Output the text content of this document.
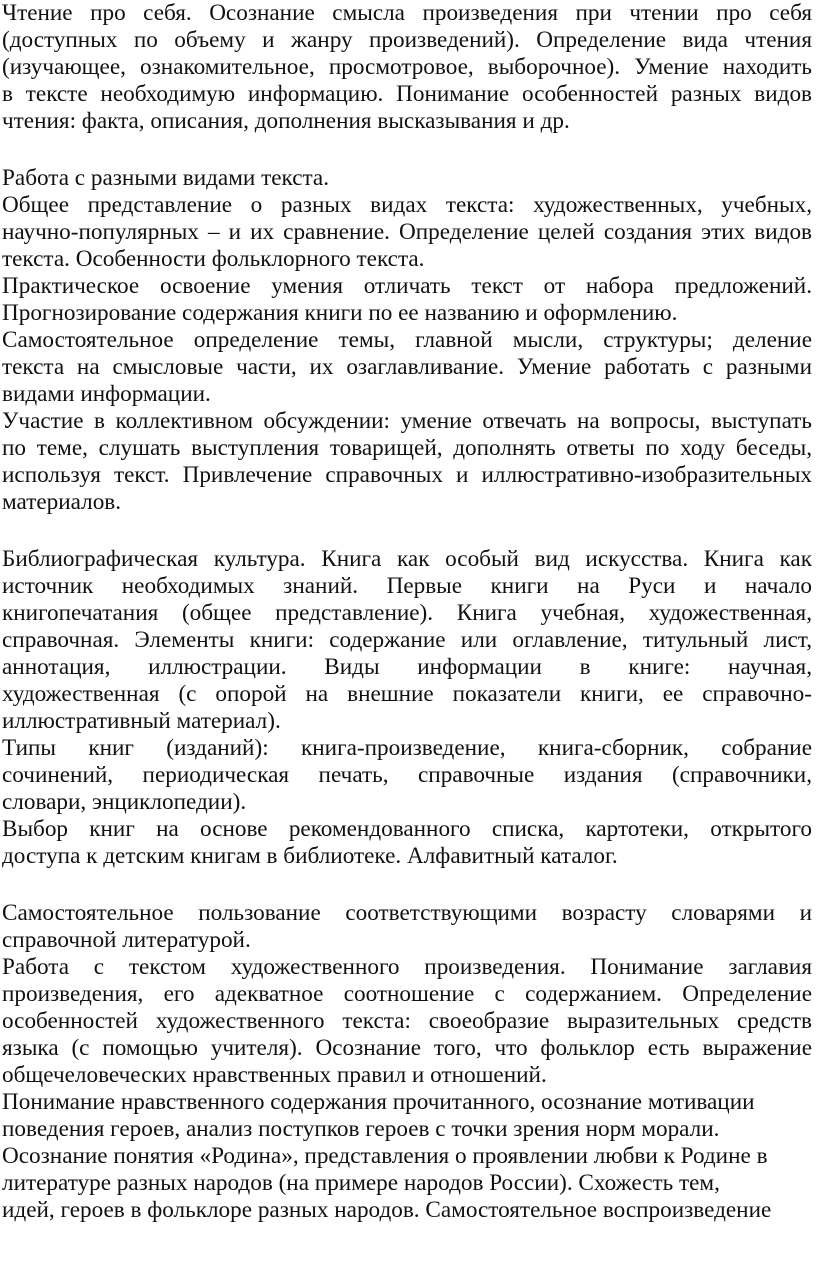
Чтение про себя. Осознание смысла произведения при чтении про себя
(доступных по объему и жанру произведений). Определение вида чтения
(изучающее, ознакомительное, просмотровое, выборочное). Умение находить
в тексте необходимую информацию. Понимание особенностей разных видов
чтения: факта, описания, дополнения высказывания и др.
Работа с разными видами текста.
Общее представление о разных видах текста: художественных, учебных,
научно-популярных – и их сравнение. Определение целей создания этих видов
текста. Особенности фольклорного текста.
Практическое освоение умения отличать текст от набора предложений.
Прогнозирование содержания книги по ее названию и оформлению.
Самостоятельное определение темы, главной мысли, структуры; деление
текста на смысловые части, их озаглавливание. Умение работать с разными
видами информации.
Участие в коллективном обсуждении: умение отвечать на вопросы, выступать
по теме, слушать выступления товарищей, дополнять ответы по ходу беседы,
используя текст. Привлечение справочных и иллюстративно-изобразительных
материалов.
Библиографическая культура. Книга как особый вид искусства. Книга как
источник необходимых знаний. Первые книги на Руси и начало
книгопечатания (общее представление). Книга учебная, художественная,
справочная. Элементы книги: содержание или оглавление, титульный лист,
аннотация, иллюстрации. Виды информации в книге: научная,
художественная (с опорой на внешние показатели книги, ее справочно-
иллюстративный материал).
Типы книг (изданий): книга-произведение, книга-сборник, собрание
сочинений, периодическая печать, справочные издания (справочники,
словари, энциклопедии).
Выбор книг на основе рекомендованного списка, картотеки, открытого
доступа к детским книгам в библиотеке. Алфавитный каталог.
Самостоятельное пользование соответствующими возрасту словарями и
справочной литературой.
Работа с текстом художественного произведения. Понимание заглавия
произведения, его адекватное соотношение с содержанием. Определение
особенностей художественного текста: своеобразие выразительных средств
языка (с помощью учителя). Осознание того, что фольклор есть выражение
общечеловеческих нравственных правил и отношений.
Понимание нравственного содержания прочитанного, осознание мотивации
поведения героев, анализ поступков героев с точки зрения норм морали.
Осознание понятия «Родина», представления о проявлении любви к Родине в
литературе разных народов (на примере народов России). Схожесть тем,
идей, героев в фольклоре разных народов. Самостоятельное воспроизведение
